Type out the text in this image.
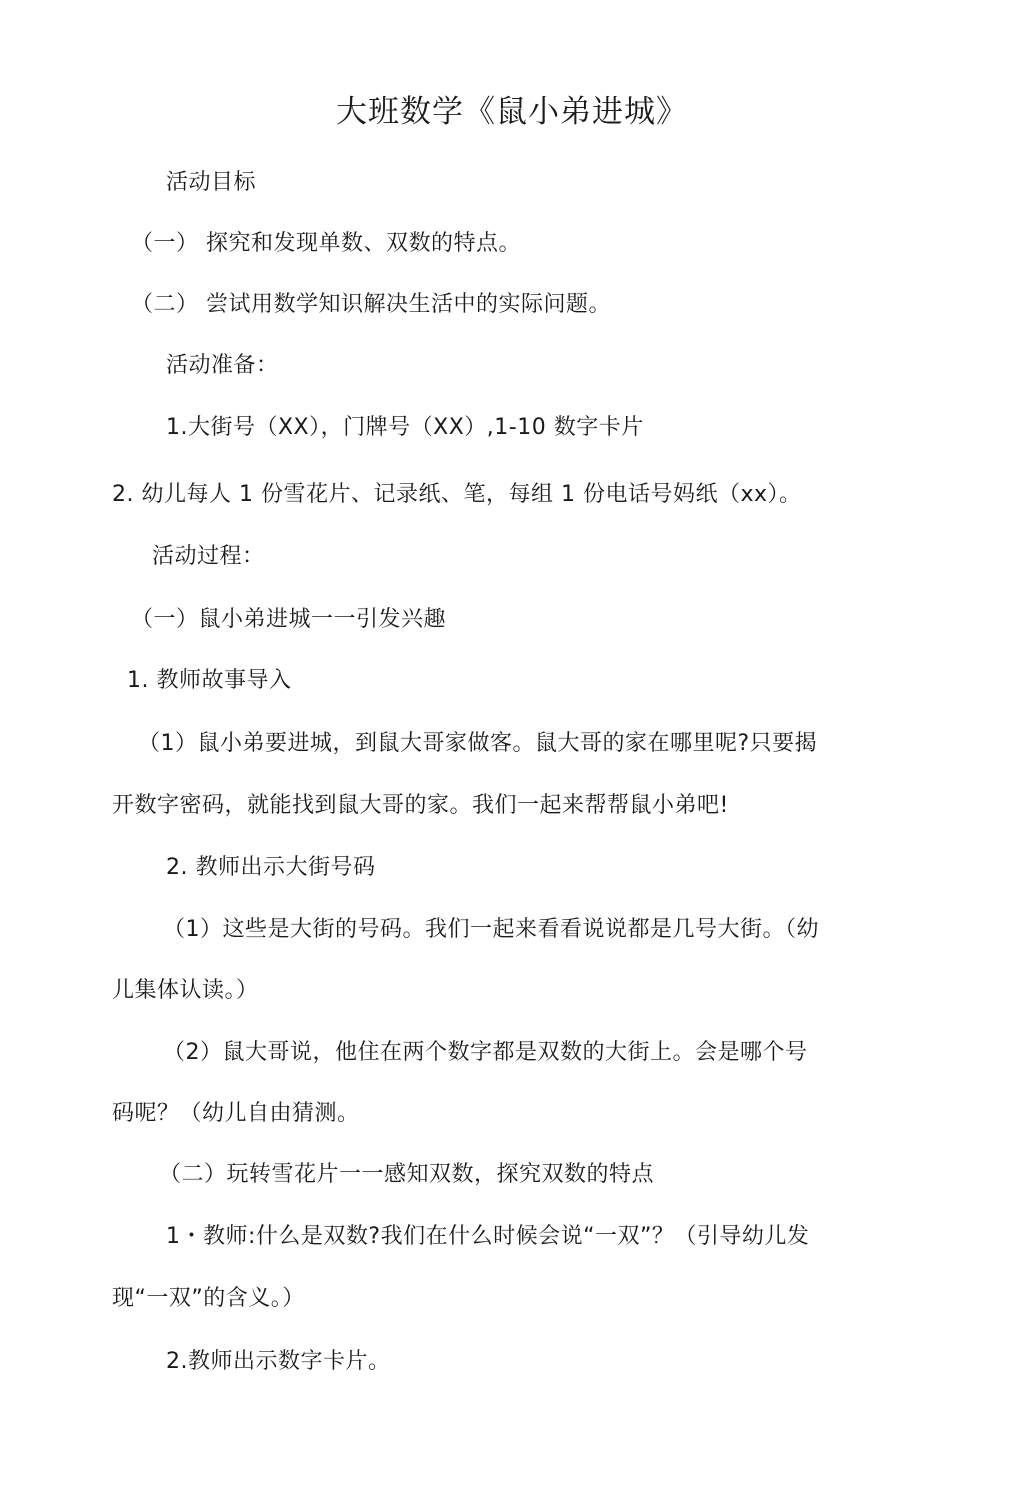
大班数学《鼠小弟进城》
活动目标
（一） 探究和发现单数、双数的特点。
（二） 尝试用数学知识解决生活中的实际问题。
活动准备：
1.大街号（XX），门牌号（XX）,1-10 数字卡片
2. 幼儿每人 1 份雪花片、记录纸、笔，每组 1 份电话号妈纸（xx）。
活动过程：
（一）鼠小弟进城一一引发兴趣
1. 教师故事导入
（1）鼠小弟要进城，到鼠大哥家做客。鼠大哥的家在哪里呢?只要揭
开数字密码，就能找到鼠大哥的家。我们一起来帮帮鼠小弟吧!
2. 教师出示大街号码
（1）这些是大街的号码。我们一起来看看说说都是几号大街。（幼
儿集体认读。）
（2）鼠大哥说，他住在两个数字都是双数的大街上。会是哪个号
码呢？（幼儿自由猜测。
（二）玩转雪花片一一感知双数，探究双数的特点
1・教师:什么是双数?我们在什么时候会说“一双”？（引导幼儿发
现“一双”的含义。）
2.教师出示数字卡片。
